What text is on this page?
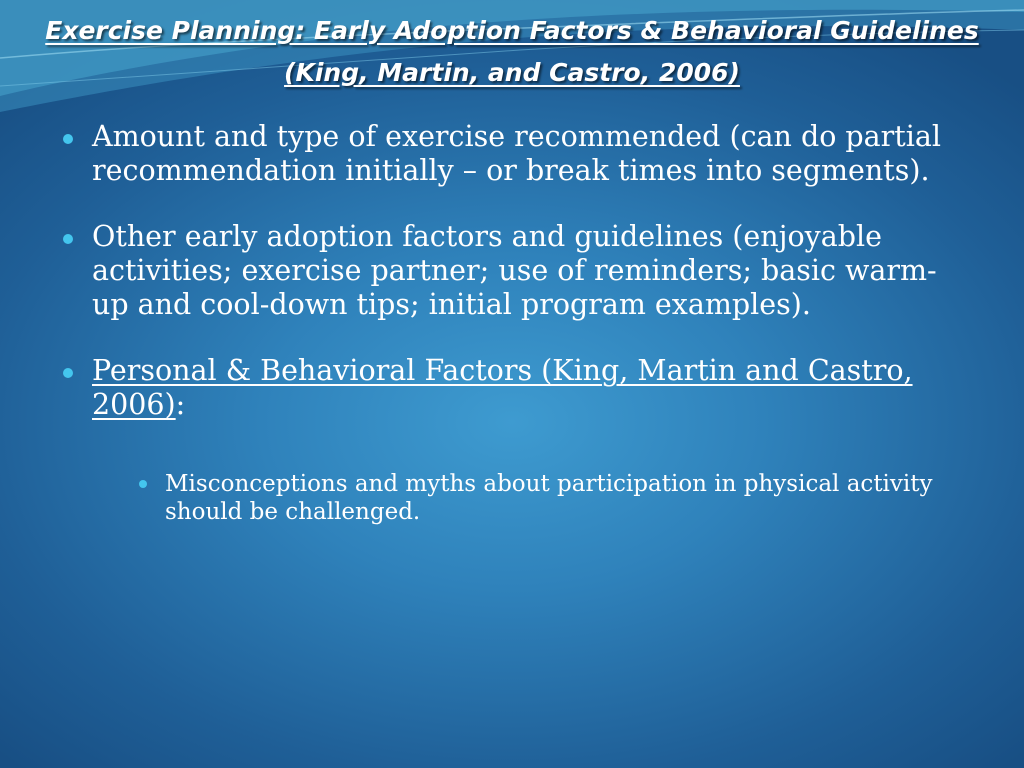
Exercise Planning: Early Adoption Factors & Behavioral Guidelines (King, Martin, and Castro, 2006)
Amount and type of exercise recommended (can do partial recommendation initially – or break times into segments).
Other early adoption factors and guidelines (enjoyable activities; exercise partner; use of reminders; basic warm-up and cool-down tips; initial program examples).
Personal & Behavioral Factors (King, Martin and Castro, 2006):
Misconceptions and myths about participation in physical activity should be challenged.
